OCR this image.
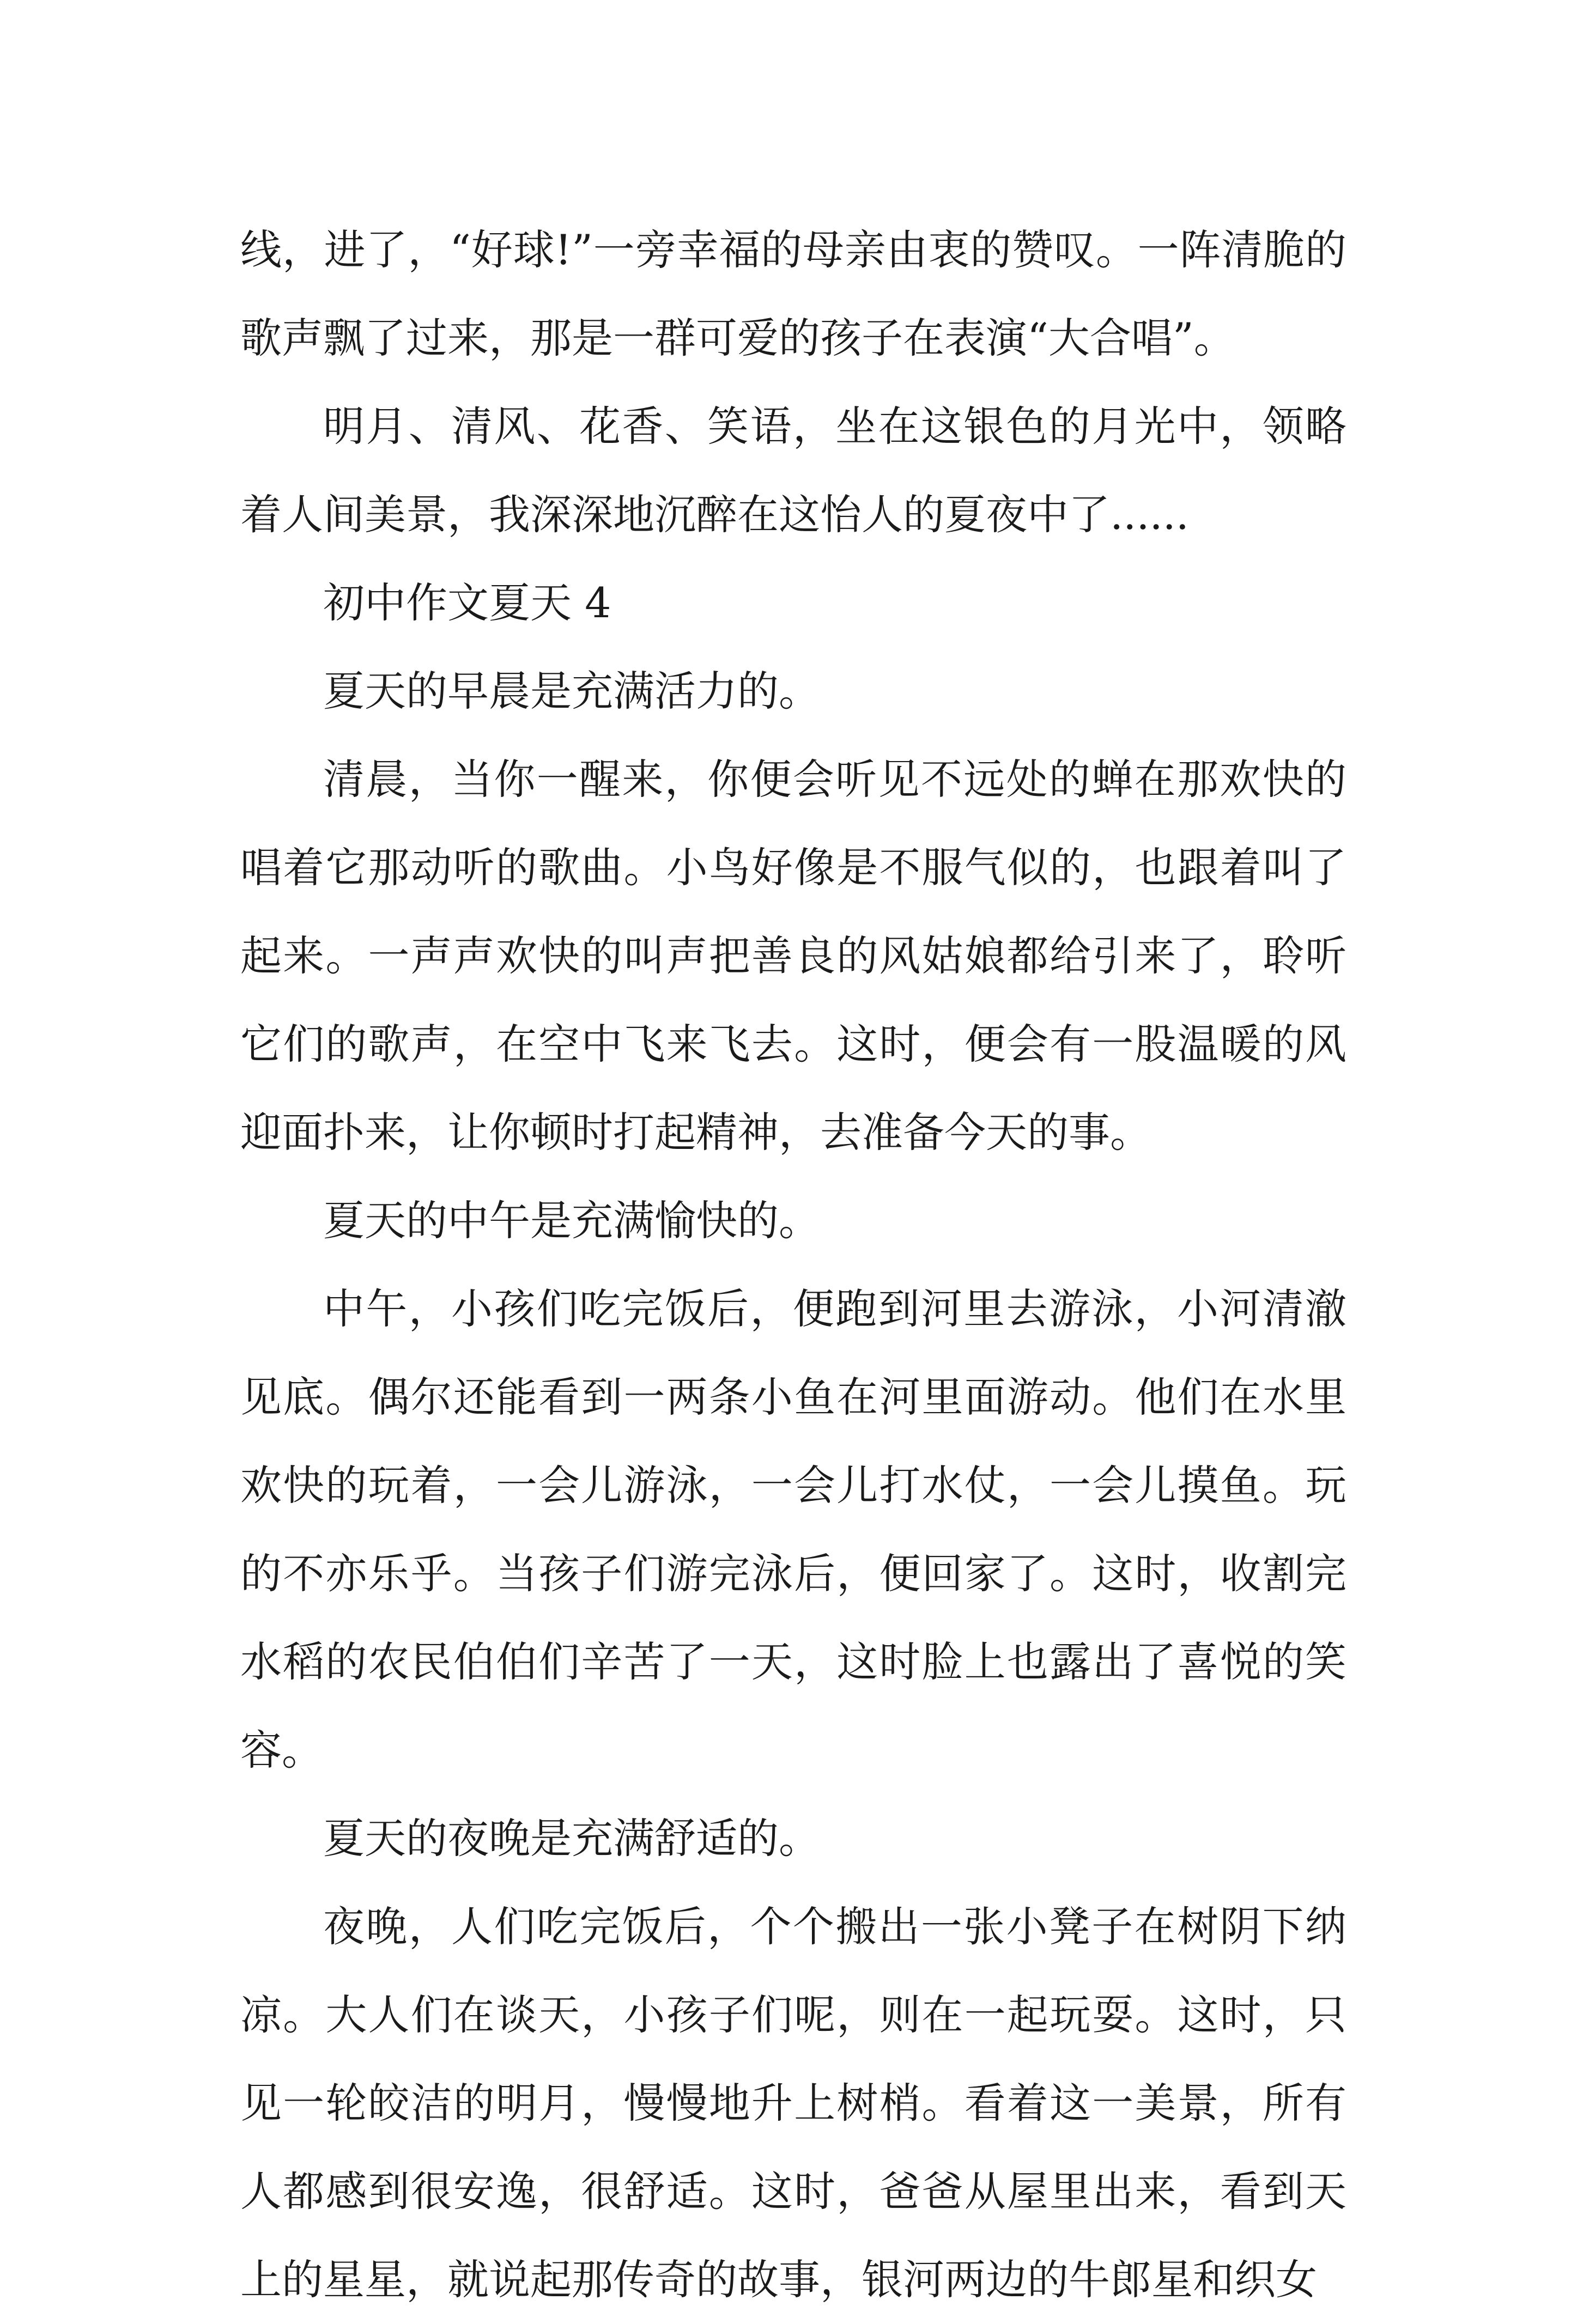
线，进了，“好球!”一旁幸福的母亲由衷的赞叹。一阵清脆的歌声飘了过来，那是一群可爱的孩子在表演“大合唱”。

明月、清风、花香、笑语，坐在这银色的月光中，领略着人间美景，我深深地沉醉在这怡人的夏夜中了......

初中作文夏天 4

夏天的早晨是充满活力的。

清晨，当你一醒来，你便会听见不远处的蝉在那欢快的唱着它那动听的歌曲。小鸟好像是不服气似的，也跟着叫了起来。一声声欢快的叫声把善良的风姑娘都给引来了，聆听它们的歌声，在空中飞来飞去。这时，便会有一股温暖的风迎面扑来，让你顿时打起精神，去准备今天的事。

夏天的中午是充满愉快的。

中午，小孩们吃完饭后，便跑到河里去游泳，小河清澈见底。偶尔还能看到一两条小鱼在河里面游动。他们在水里欢快的玩着，一会儿游泳，一会儿打水仗，一会儿摸鱼。玩的不亦乐乎。当孩子们游完泳后，便回家了。这时，收割完水稻的农民伯伯们辛苦了一天，这时脸上也露出了喜悦的笑容。

夏天的夜晚是充满舒适的。

夜晚，人们吃完饭后，个个搬出一张小凳子在树阴下纳凉。大人们在谈天，小孩子们呢，则在一起玩耍。这时，只见一轮皎洁的明月，慢慢地升上树梢。看着这一美景，所有人都感到很安逸，很舒适。这时，爸爸从屋里出来，看到天上的星星，就说起那传奇的故事，银河两边的牛郎星和织女
